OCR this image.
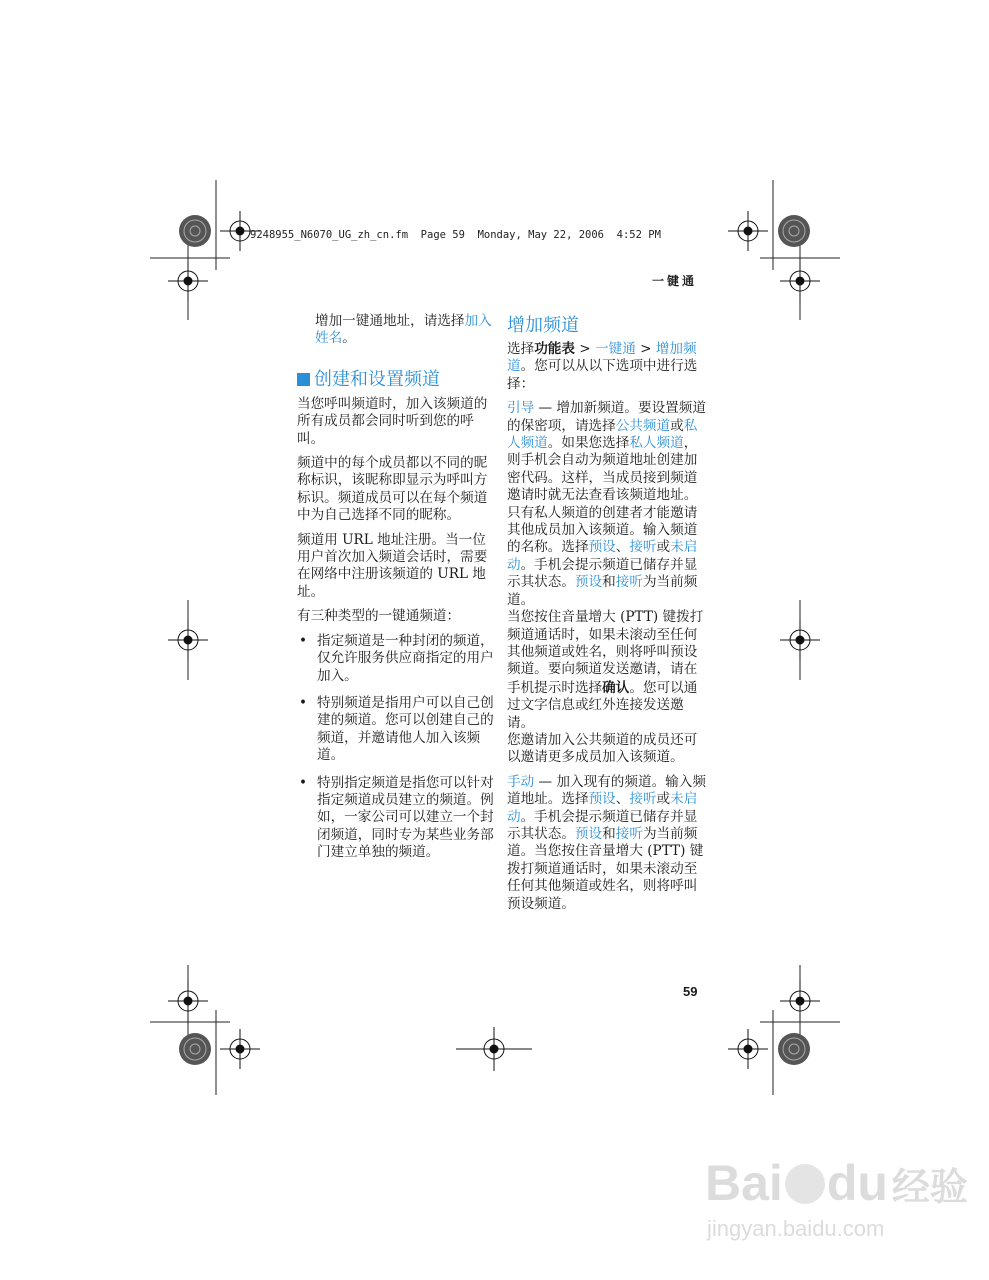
9248955_N6070_UG_zh_cn.fm  Page 59  Monday, May 22, 2006  4:52 PM
一键通

增加一键通地址，请选择加入姓名。

创建和设置频道

当您呼叫频道时，加入该频道的所有成员都会同时听到您的呼叫。

频道中的每个成员都以不同的昵称标识，该昵称即显示为呼叫方标识。频道成员可以在每个频道中为自己选择不同的昵称。

频道用 URL 地址注册。当一位用户首次加入频道会话时，需要在网络中注册该频道的 URL 地址。

有三种类型的一键通频道：

• 指定频道是一种封闭的频道，仅允许服务供应商指定的用户加入。
• 特别频道是指用户可以自己创建的频道。您可以创建自己的频道，并邀请他人加入该频道。
• 特别指定频道是指您可以针对指定频道成员建立的频道。例如，一家公司可以建立一个封闭频道，同时专为某些业务部门建立单独的频道。
增加频道

选择功能表 > 一键通 > 增加频道。您可以从以下选项中进行选择：

引导 — 增加新频道。要设置频道的保密项，请选择公共频道或私人频道。如果您选择私人频道，则手机会自动为频道地址创建加密代码。这样，当成员接到频道邀请时就无法查看该频道地址。只有私人频道的创建者才能邀请其他成员加入该频道。输入频道的名称。选择预设、接听或未启动。手机会提示频道已储存并显示其状态。预设和接听为当前频道。

当您按住音量增大 (PTT) 键拨打频道通话时，如果未滚动至任何其他频道或姓名，则将呼叫预设频道。要向频道发送邀请，请在手机提示时选择确认。您可以通过文字信息或红外连接发送邀请。

您邀请加入公共频道的成员还可以邀请更多成员加入该频道。

手动 — 加入现有的频道。输入频道地址。选择预设、接听或未启动。手机会提示频道已储存并显示其状态。预设和接听为当前频道。当您按住音量增大 (PTT) 键拨打频道通话时，如果未滚动至任何其他频道或姓名，则将呼叫预设频道。

59
Bai du 经验
jingyan.baidu.com
